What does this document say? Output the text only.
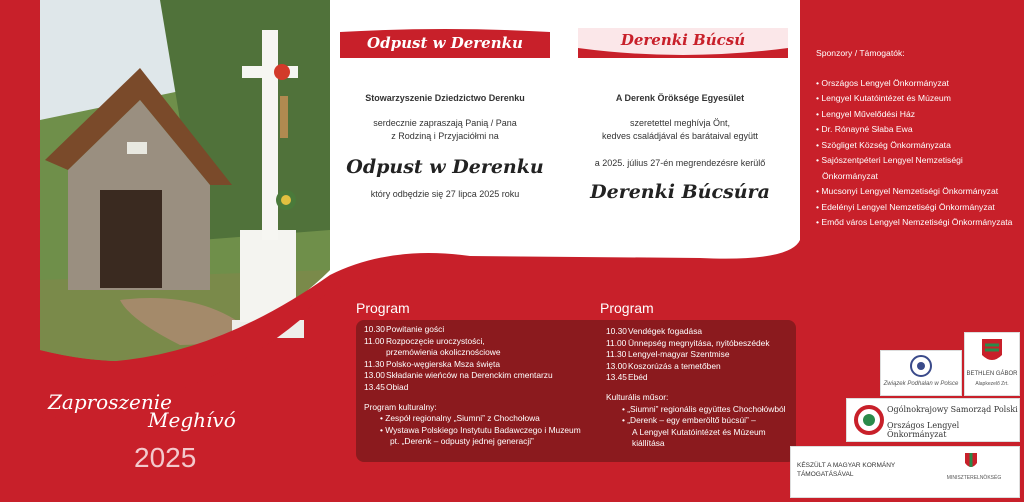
Odpust w Derenku	Derenki Búcsú
Stowarzyszenie Dziedzictwo Derenku

serdecznie zapraszają Panią / Pana

z Rodziną i Przyjaciółmi na

Odpust w Derenku

który odbędzie się 27 lipca 2025 roku

A Derenk Öröksége Egyesület

szeretettel meghívja Önt,

kedves családjával és barátaival együtt

a 2025. július 27-én megrendezésre kerülő

Derenki Búcsúra
Sponzory / Támogatók:
• Országos Lengyel Önkormányzat
• Lengyel Kutatóintézet és Múzeum
• Lengyel Művelődési Ház
• Dr. Rónayné Słaba Ewa
• Szögliget Község Önkormányzata
• Sajószentpéteri Lengyel Nemzetiségi
Önkormányzat
• Mucsonyi Lengyel Nemzetiségi Önkormányzat
• Edelényi Lengyel Nemzetiségi Önkormányzat
• Emőd város Lengyel Nemzetiségi Önkormányzata
Program	Program
10.30 Powitanie gości
11.00 Rozpoczęcie uroczystości,
przemówienia okolicznościowe
11.30 Polsko-węgierska Msza święta
13.00 Składanie wieńców na Derenckim cmentarzu
13.45 Obiad
Program kulturalny:
• Zespół regionalny „Siumni” z Chochołowa
• Wystawa Polskiego Instytutu Badawczego i Muzeum
pt. „Derenk – odpusty jednej generacji”
10.30 Vendégek fogadása
11.00 Ünnepség megnyitása, nyitóbeszédek
11.30 Lengyel-magyar Szentmise
13.00 Koszorúzás a temetőben
13.45 Ebéd
Kulturális műsor:
• „Siumni” regionális együttes Chochołówból
• „Derenk – egy emberöltő búcsúi” –
A Lengyel Kutatóintézet és Múzeum
kiállítása
Zaproszenie
Meghívó
2025
Związek Podhalan w Polsce
BETHLEN GÁBOR
Alapkezelő Zrt.
Ogólnokrajowy Samorząd Polski
Országos Lengyel Önkormányzat
KÉSZÜLT A MAGYAR KORMÁNY TÁMOGATÁSÁVAL	MINISZTERELNÖKSÉG
